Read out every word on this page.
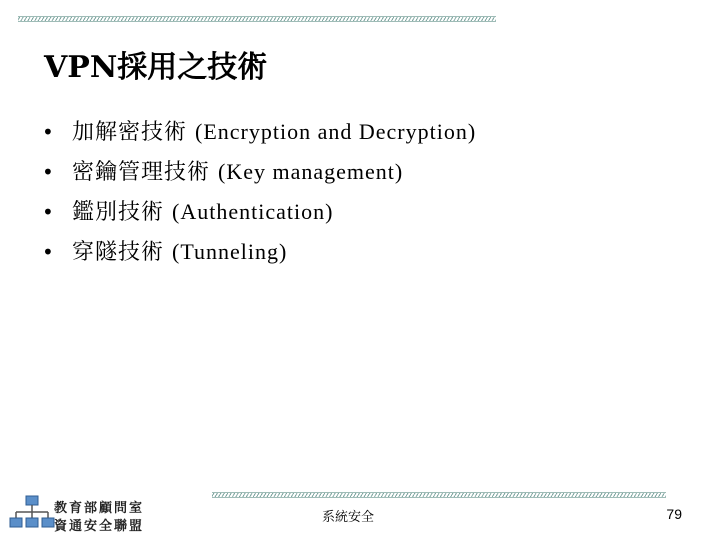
VPN採用之技術
• 加解密技術 (Encryption and Decryption)
• 密鑰管理技術 (Key management)
• 鑑別技術 (Authentication)
• 穿隧技術 (Tunneling)
教育部顧問室
資通安全聯盟
系統安全	79
